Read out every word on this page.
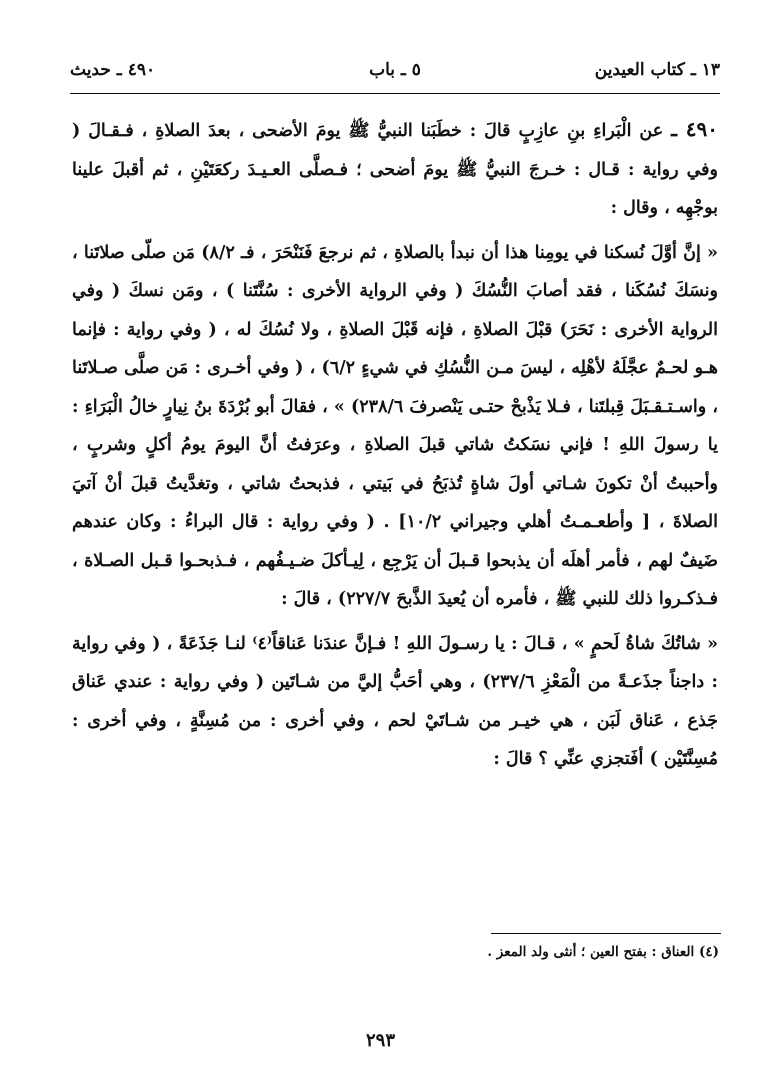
١٣ ـ كتاب العيدين
٥ ـ باب
٤٩٠ ـ حديث

٤٩٠ ـ عن الْبَراءِ بنِ عازِبٍ قالَ : خطَبَنا النبيُّ ﷺ يومَ الأضحى ، بعدَ الصلاةِ ، فـقـالَ ( وفي رواية : قـال : خـرجَ النبيُّ ﷺ يومَ أضحى ؛ فـصلَّى العـيـدَ ركعَتَيْنِ ، ثم أقبلَ علينا بوجْهِه ، وقال :

« إنَّ أوَّلَ نُسكنا في يومِنا هذا أن نبدأ بالصلاةِ ، ثم نرجعَ فَنَنْحَرَ ، فـ ٨/٢) مَن صلّى صلاتَنا ، ونسَكَ نُسُكَنا ، فقد أصابَ النُّسُكَ ( وفي الرواية الأخرى : سُنَّتَنا ) ، ومَن نسكَ ( وفي الرواية الأخرى : نَحَرَ) قبْلَ الصلاةِ ، فإنه قَبْلَ الصلاةِ ، ولا نُسُكَ له ، ( وفي رواية : فإنما هـو لحـمٌ عجَّلَهُ لأهْلِه ، ليسَ مـن النُّسُكِ في شيءٍ ٦/٢) ، ( وفي أخـرى : مَن صلَّى صـلاتَنا ، واسـتـقـبَلَ قِبلتَنا ، فـلا يَذْبحْ حتـى يَنْصرفَ ٢٣٨/٦) » ، فقالَ أبو بُرْدَةَ بنُ نِيارٍ خالُ الْبَرَاءِ : يا رسولَ اللهِ ! فإني نسَكتُ شاتي قبلَ الصلاةِ ، وعرَفتُ أنَّ اليومَ يومُ أكلٍ وشربٍ ، وأحببتُ أنْ تكونَ شـاتي أولَ شاةٍ تُذبَحُ في بَيتي ، فذبحتُ شاتي ، وتغدَّيتُ قبلَ أنْ آتيَ الصلاةَ ، [ وأطعـمـتُ أهلي وجيراني ١٠/٢] . ( وفي رواية : قال البراءُ : وكان عندهم ضَيفٌ لهم ، فأمر أهلَه أن يذبحوا قـبلَ أن يَرْجِع ، لِيـأكلَ ضـيـفُهم ، فـذبحـوا قـبل الصـلاة ، فـذكـروا ذلك للنبي ﷺ ، فأمره أن يُعيدَ الذَّبحَ ٢٢٧/٧) ، قالَ :

« شاتُكَ شاةُ لَحمٍ » ، قـالَ : يا رسـولَ اللهِ ! فـإنَّ عندَنا عَناقاً⁽٤⁾ لنـا جَذَعَةً ، ( وفي رواية : داجناً جذَعـةً من الْمَعْزِ ٢٣٧/٦) ، وهي أحَبُّ إليَّ من شـاتَين ( وفي رواية : عندي عَناق جَذع ، عَناق لَبَن ، هي خيـر من شـاتَيْ لحم ، وفي أخرى : من مُسِنَّةٍ ، وفي أخرى : مُسِنَّتَيْن ) أفَتجزي عنِّي ؟ قالَ :

(٤) العناق : بفتح العين ؛ أنثى ولد المعز .
٢٩٣
